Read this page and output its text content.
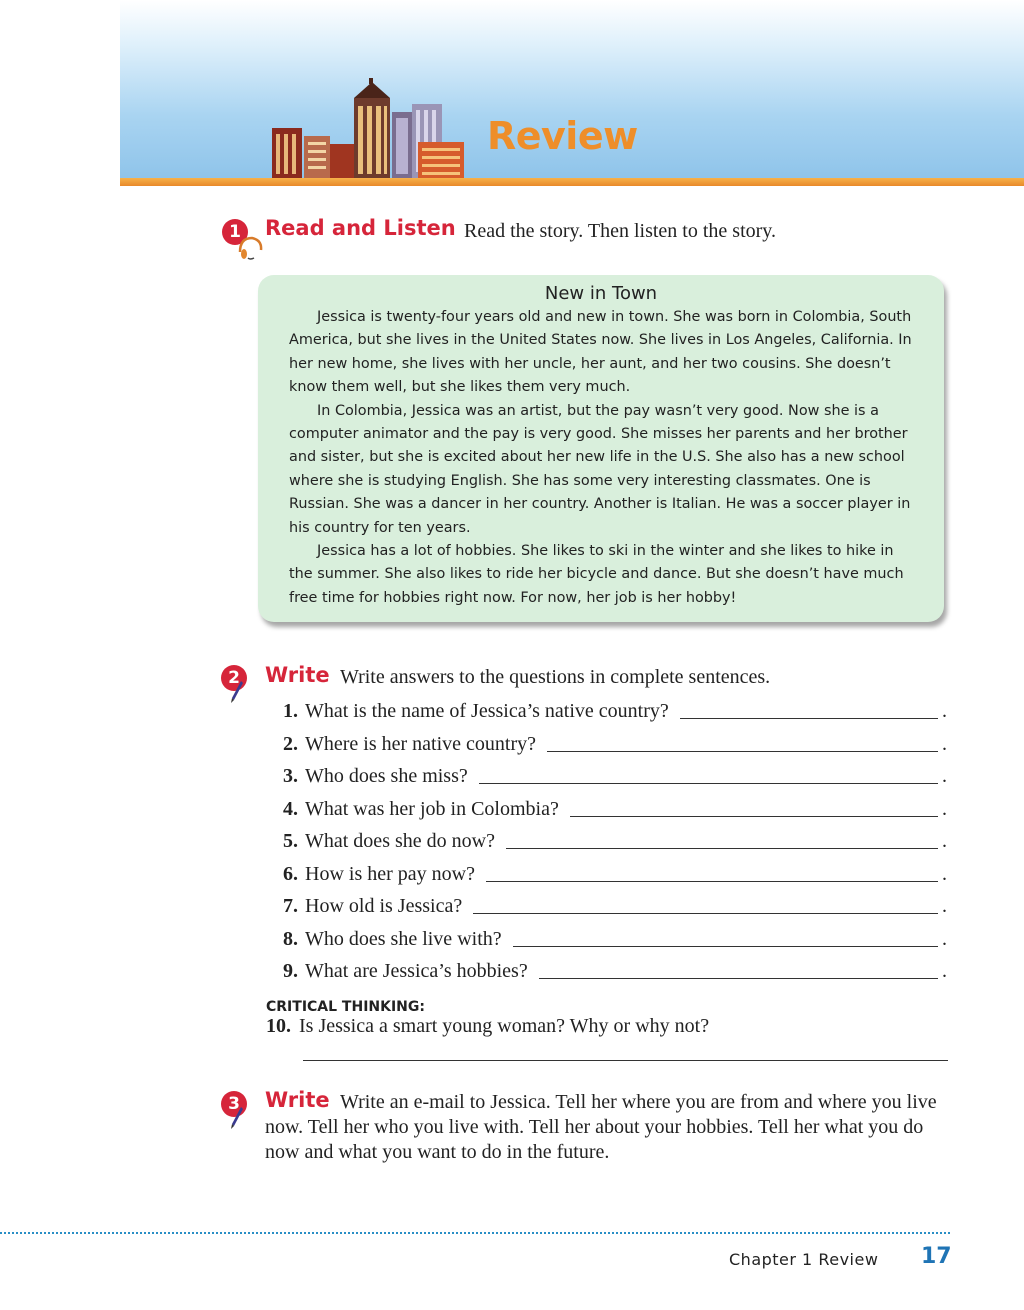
Review
1	Read and Listen Read the story. Then listen to the story.
New in Town

Jessica is twenty-four years old and new in town. She was born in Colombia, South America, but she lives in the United States now. She lives in Los Angeles, California. In her new home, she lives with her uncle, her aunt, and her two cousins. She doesn’t know them well, but she likes them very much.

In Colombia, Jessica was an artist, but the pay wasn’t very good. Now she is a computer animator and the pay is very good. She misses her parents and her brother and sister, but she is excited about her new life in the U.S. She also has a new school where she is studying English. She has some very interesting classmates. One is Russian. She was a dancer in her country. Another is Italian. He was a soccer player in his country for ten years.

Jessica has a lot of hobbies. She likes to ski in the winter and she likes to hike in the summer. She also likes to ride her bicycle and dance. But she doesn’t have much free time for hobbies right now. For now, her job is her hobby!

2	Write Write answers to the questions in complete sentences.
1. What is the name of Jessica’s native country?	.
2. Where is her native country?	.
3. Who does she miss?	.
4. What was her job in Colombia?	.
5. What does she do now?	.
6. How is her pay now?	.
7. How old is Jessica?	.
8. Who does she live with?	.
9. What are Jessica’s hobbies?	.
CRITICAL THINKING:
10. Is Jessica a smart young woman? Why or why not?
3	Write Write an e-mail to Jessica. Tell her where you are from and where you live now. Tell her who you live with. Tell her about your hobbies. Tell her what you do now and what you want to do in the future.
Chapter 1 Review 17
